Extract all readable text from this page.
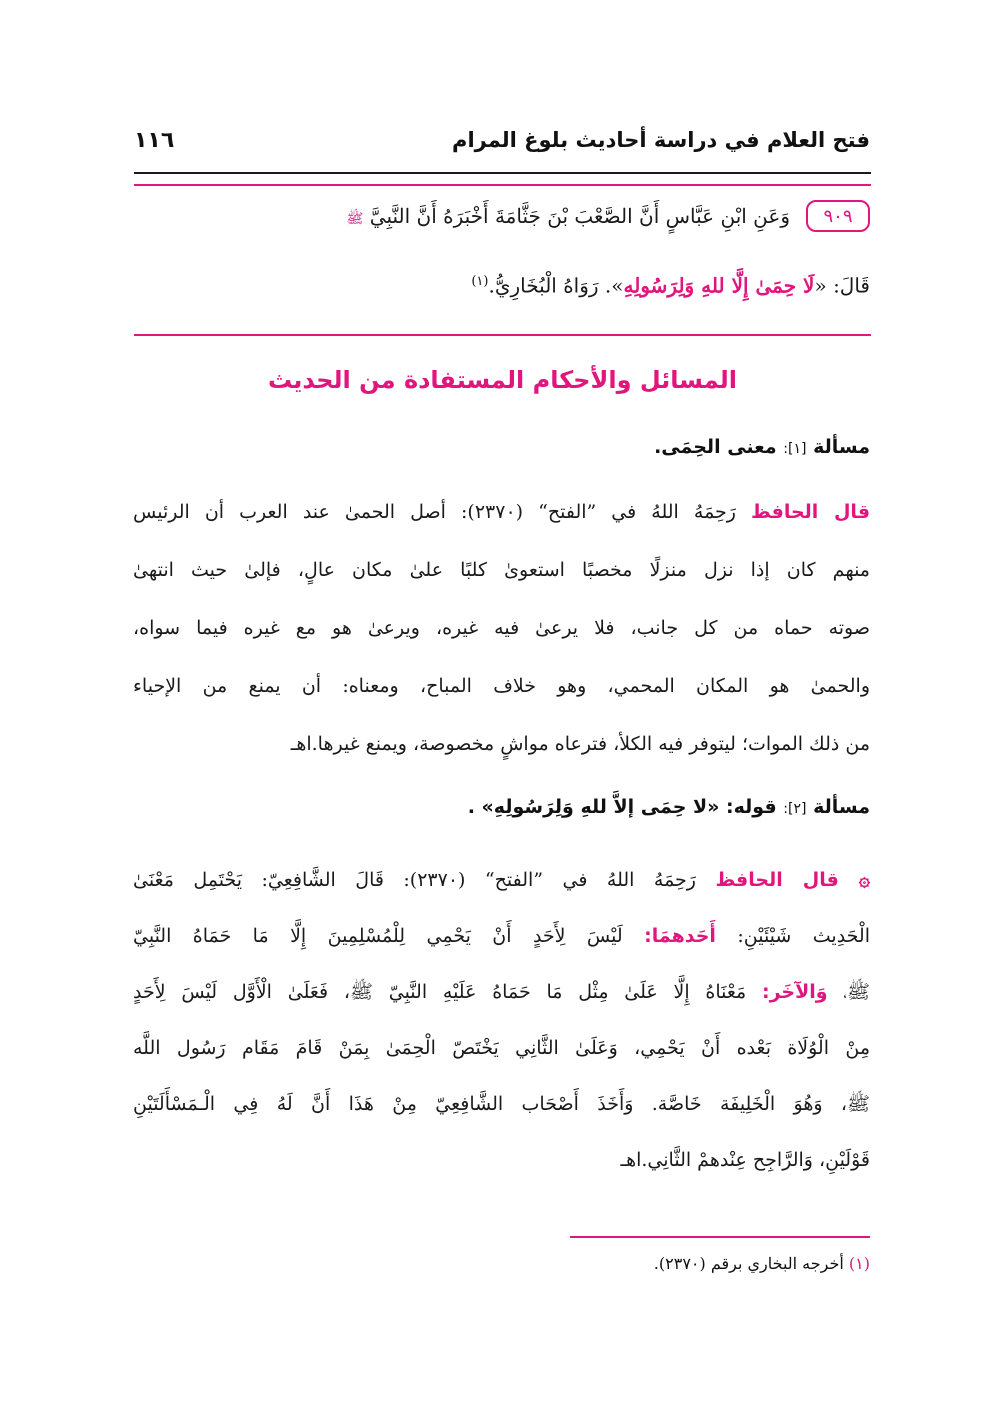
فتح العلام في دراسة أحاديث بلوغ المرام
١١٦
٩٠٩
وَعَنِ ابْنِ عَبَّاسٍ أَنَّ الصَّعْبَ بْنَ جَثَّامَةَ أَخْبَرَهُ أَنَّ النَّبِيَّ ﷺ
قَالَ: «لَا حِمَىٰ إِلَّا للهِ وَلِرَسُولِهِ». رَوَاهُ الْبُخَارِيُّ.$^{(١)}$
المسائل والأحكام المستفادة من الحديث
مسألة [١]: معنى الحِمَى.
قال الحافظ رَحِمَهُ اللهُ في ”الفتح“ (٢٣٧٠): أصل الحمىٰ عند العرب أن الرئيس
منهم كان إذا نزل منزلًا مخصبًا استعوىٰ كلبًا علىٰ مكان عالٍ، فإلىٰ حيث انتهىٰ
صوته حماه من كل جانب، فلا يرعىٰ فيه غيره، ويرعىٰ هو مع غيره فيما سواه،
والحمىٰ هو المكان المحمي، وهو خلاف المباح، ومعناه: أن يمنع من الإحياء
من ذلك الموات؛ ليتوفر فيه الكلأ، فترعاه مواشٍ مخصوصة، ويمنع غيرها.اهـ
مسألة [٢]: قوله: «لا حِمَى إلاَّ للهِ وَلِرَسُولِهِ» .
۞ قال الحافظ رَحِمَهُ اللهُ في ”الفتح“ (٢٣٧٠): قَالَ الشَّافِعِيّ: يَحْتَمِل مَعْنَىٰ
الْحَدِيث شَيْئَيْنِ: أَحَدهمَا: لَيْسَ لِأَحَدٍ أَنْ يَحْمِي لِلْمُسْلِمِينَ إِلَّا مَا حَمَاهُ النَّبِيّ
ﷺ، وَالآخَر: مَعْنَاهُ إِلَّا عَلَىٰ مِثْل مَا حَمَاهُ عَلَيْهِ النَّبِيّ ﷺ، فَعَلَىٰ الْأَوَّل لَيْسَ لِأَحَدٍ
مِنْ الْوُلَاة بَعْده أَنْ يَحْمِي، وَعَلَىٰ الثَّانِي يَخْتَصّ الْحِمَىٰ بِمَنْ قَامَ مَقَام رَسُول اللَّه
ﷺ، وَهُوَ الْخَلِيفَة خَاصَّة. وَأَخَذَ أَصْحَاب الشَّافِعِيّ مِنْ هَذَا أَنَّ لَهُ فِي الْـمَسْأَلَتَيْنِ
قَوْلَيْنِ، وَالرَّاجِح عِنْدهمْ الثَّانِي.اهـ
(١) أخرجه البخاري برقم (٢٣٧٠).
